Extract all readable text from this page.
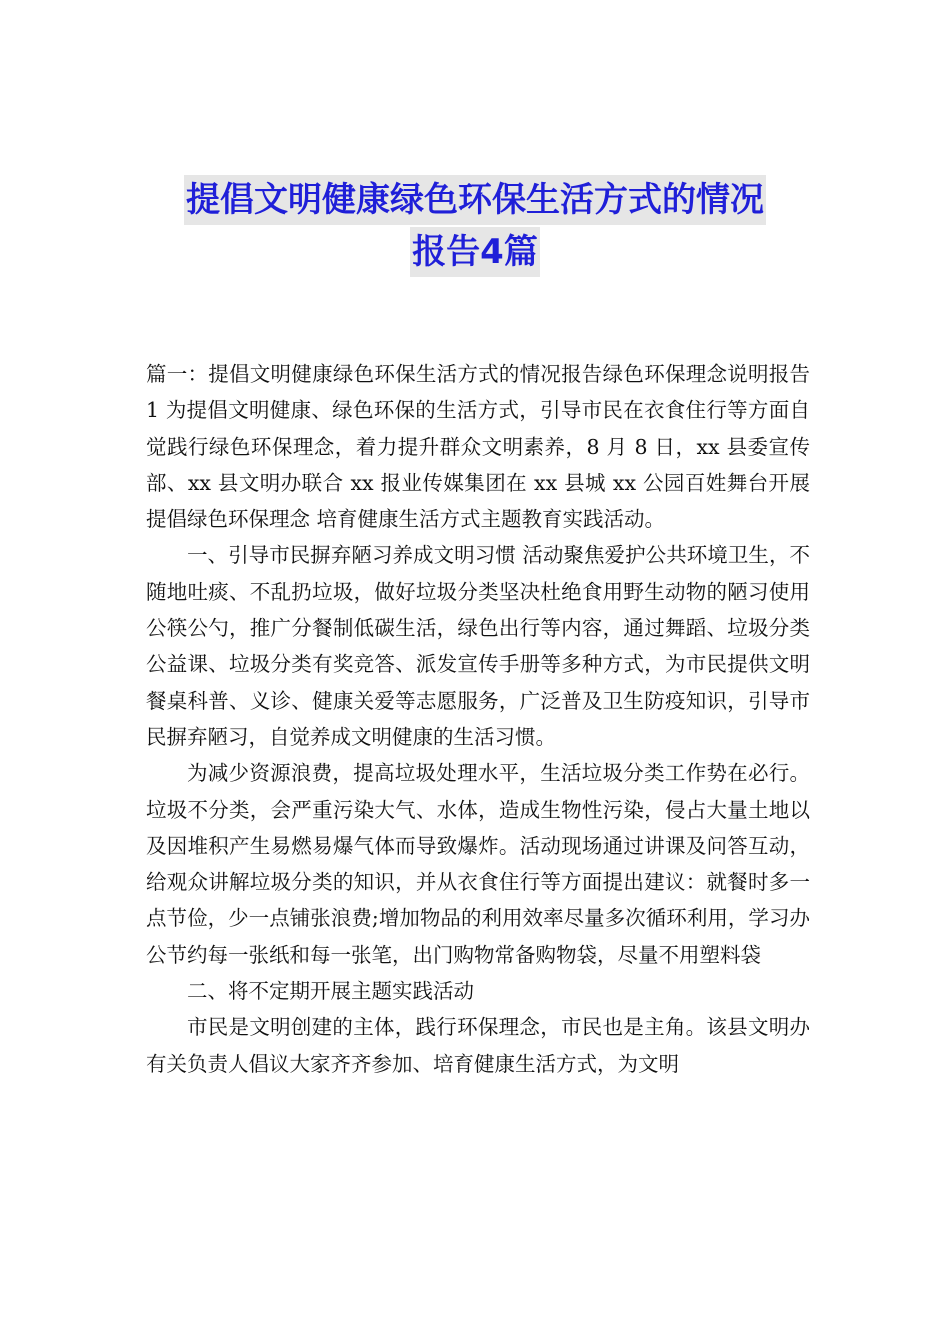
提倡文明健康绿色环保生活方式的情况
报告4篇

篇一：提倡文明健康绿色环保生活方式的情况报告绿色环保理念说明报告 1 为提倡文明健康、绿色环保的生活方式，引导市民在衣食住行等方面自觉践行绿色环保理念，着力提升群众文明素养，8 月 8 日，xx 县委宣传部、xx 县文明办联合 xx 报业传媒集团在 xx 县城 xx 公园百姓舞台开展提倡绿色环保理念 培育健康生活方式主题教育实践活动。

一、引导市民摒弃陋习养成文明习惯 活动聚焦爱护公共环境卫生，不随地吐痰、不乱扔垃圾，做好垃圾分类坚决杜绝食用野生动物的陋习使用公筷公勺，推广分餐制低碳生活，绿色出行等内容，通过舞蹈、垃圾分类公益课、垃圾分类有奖竞答、派发宣传手册等多种方式，为市民提供文明餐桌科普、义诊、健康关爱等志愿服务，广泛普及卫生防疫知识，引导市民摒弃陋习，自觉养成文明健康的生活习惯。

为减少资源浪费，提高垃圾处理水平，生活垃圾分类工作势在必行。垃圾不分类，会严重污染大气、水体，造成生物性污染，侵占大量土地以及因堆积产生易燃易爆气体而导致爆炸。活动现场通过讲课及问答互动，给观众讲解垃圾分类的知识，并从衣食住行等方面提出建议：就餐时多一点节俭，少一点铺张浪费;增加物品的利用效率尽量多次循环利用，学习办公节约每一张纸和每一张笔，出门购物常备购物袋，尽量不用塑料袋

二、将不定期开展主题实践活动

市民是文明创建的主体，践行环保理念，市民也是主角。该县文明办有关负责人倡议大家齐齐参加、培育健康生活方式，为文明
